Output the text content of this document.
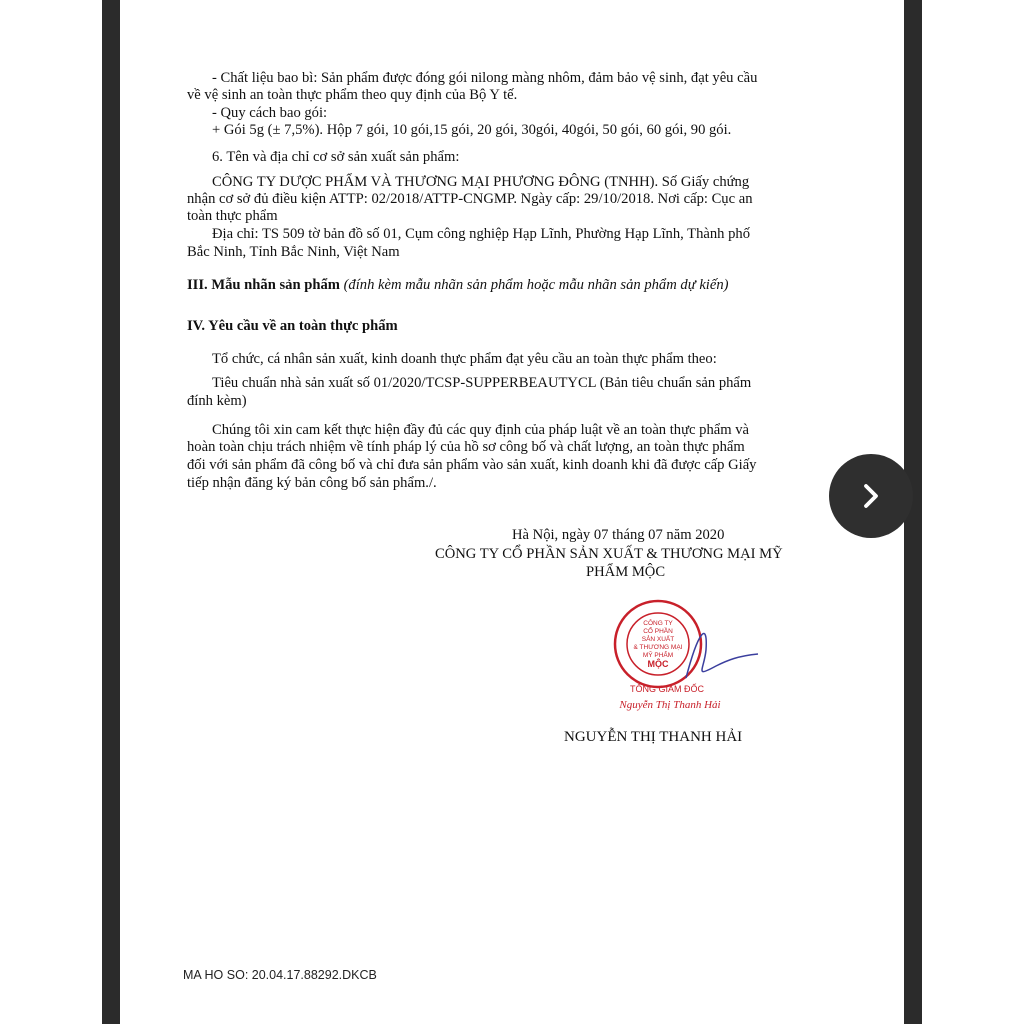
- Chất liệu bao bì: Sản phẩm được đóng gói nilong màng nhôm, đảm bảo vệ sinh, đạt yêu cầu
về vệ sinh an toàn thực phẩm theo quy định của Bộ Y tế.
- Quy cách bao gói:
+ Gói 5g (± 7,5%). Hộp 7 gói, 10 gói,15 gói, 20 gói, 30gói, 40gói, 50 gói, 60 gói, 90 gói.
6. Tên và địa chỉ cơ sở sản xuất sản phẩm:
CÔNG TY DƯỢC PHẨM VÀ THƯƠNG MẠI PHƯƠNG ĐÔNG (TNHH). Số Giấy chứng
nhận cơ sở đủ điều kiện ATTP: 02/2018/ATTP-CNGMP. Ngày cấp: 29/10/2018. Nơi cấp: Cục an
toàn thực phẩm
Địa chỉ: TS 509 tờ bản đồ số 01, Cụm công nghiệp Hạp Lĩnh, Phường Hạp Lĩnh, Thành phố
Bắc Ninh, Tỉnh Bắc Ninh, Việt Nam
III. Mẫu nhãn sản phẩm (đính kèm mẫu nhãn sản phẩm hoặc mẫu nhãn sản phẩm dự kiến)
IV. Yêu cầu về an toàn thực phẩm
Tổ chức, cá nhân sản xuất, kinh doanh thực phẩm đạt yêu cầu an toàn thực phẩm theo:
Tiêu chuẩn nhà sản xuất số 01/2020/TCSP-SUPPERBEAUTYCL (Bản tiêu chuẩn sản phẩm
đính kèm)
Chúng tôi xin cam kết thực hiện đầy đủ các quy định của pháp luật về an toàn thực phẩm và
hoàn toàn chịu trách nhiệm về tính pháp lý của hồ sơ công bố và chất lượng, an toàn thực phẩm
đối với sản phẩm đã công bố và chỉ đưa sản phẩm vào sản xuất, kinh doanh khi đã được cấp Giấy
tiếp nhận đăng ký bản công bố sản phẩm./.
Hà Nội, ngày 07 tháng 07 năm 2020
CÔNG TY CỔ PHẦN SẢN XUẤT & THƯƠNG MẠI MỸ
PHẨM MỘC
CÔNG TY
CỔ PHẦN
SẢN XUẤT
& THƯƠNG MẠI
MỸ PHẨM
MỘC
TỔNG GIÁM ĐỐC
Nguyễn Thị Thanh Hải
NGUYỄN THỊ THANH HẢI
MA HO SO: 20.04.17.88292.DKCB
